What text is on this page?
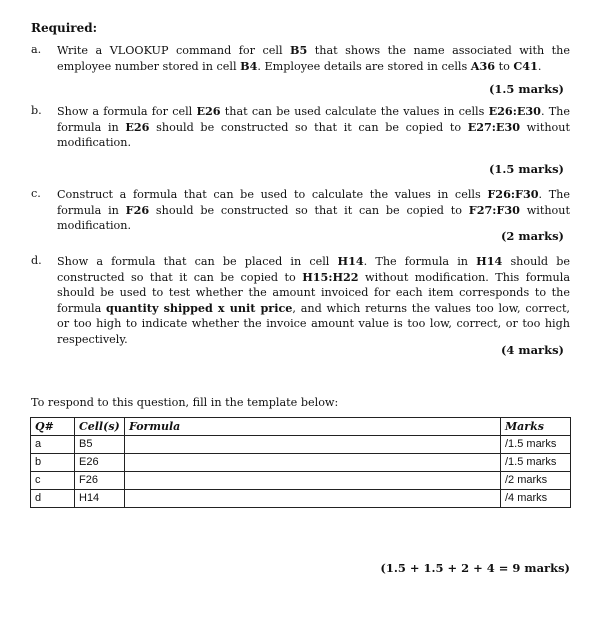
Required:
a. Write a VLOOKUP command for cell B5 that shows the name associated with the employee number stored in cell B4. Employee details are stored in cells A36 to C41.
(1.5 marks)
b. Show a formula for cell E26 that can be used calculate the values in cells E26:E30. The formula in E26 should be constructed so that it can be copied to E27:E30 without modification.
(1.5 marks)
c. Construct a formula that can be used to calculate the values in cells F26:F30. The formula in F26 should be constructed so that it can be copied to F27:F30 without modification.
(2 marks)
d. Show a formula that can be placed in cell H14. The formula in H14 should be constructed so that it can be copied to H15:H22 without modification. This formula should be used to test whether the amount invoiced for each item corresponds to the formula quantity shipped x unit price, and which returns the values too low, correct, or too high to indicate whether the invoice amount value is too low, correct, or too high respectively.
(4 marks)
To respond to this question, fill in the template below:
Q#	Cell(s)	Formula	Marks
a	B5		/1.5 marks
b	E26		/1.5 marks
c	F26		/2 marks
d	H14		/4 marks
(1.5 + 1.5 + 2 + 4 = 9 marks)
